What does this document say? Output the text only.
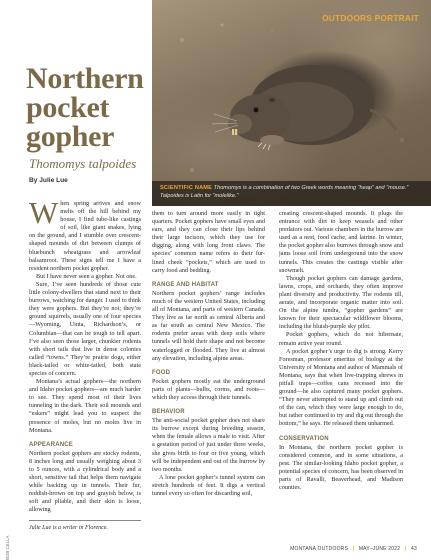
OUTDOORS PORTRAIT
SCIENTIFIC NAME Thomomys is a combination of two Greek words meaning “heap” and “mouse.” Talpoides is Latin for “molelike.”
Northern pocket gopher
Thomomys talpoides
By Julie Lue

When spring arrives and snow melts off the hill behind my house, I find tube-like castings of soil, like giant snakes, lying on the ground, and I stumble over crescent-shaped mounds of dirt between clumps of bluebunch wheatgrass and arrowleaf balsamroot. These signs tell me I have a resident northern pocket gopher.

But I have never seen a gopher. Not one.

Sure, I’ve seen hundreds of those cute little colony-dwellers that stand next to their burrows, watching for danger. I used to think they were gophers. But they’re not; they’re ground squirrels, usually one of four species—Wyoming, Uinta, Richardson’s, or Columbian—that can be tough to tell apart. I’ve also seen those larger, chunkier rodents with short tails that live in dense colonies called “towns.” They’re prairie dogs, either black-tailed or white-tailed, both state species of concern.

Montana’s actual gophers—the northern and Idaho pocket gophers—are much harder to see. They spend most of their lives tunneling in the dark. Their soil mounds and “eskers” might lead you to suspect the presence of moles, but no moles live in Montana.

APPEARANCE

Northern pocket gophers are stocky rodents, 8 inches long and usually weighing about 3 to 5 ounces, with a cylindrical body and a short, sensitive tail that helps them navigate while backing up in tunnels. Their fur, reddish-brown on top and grayish below, is soft and pliable, and their skin is loose, allowing

Julie Lue is a writer in Florence.

them to turn around more easily in tight quarters. Pocket gophers have small eyes and ears, and they can close their lips behind their large incisors, which they use for digging, along with long front claws. The species’ common name refers to their fur-lined cheek “pockets,” which are used to carry food and bedding.

RANGE AND HABITAT

Northern pocket gophers’ range includes much of the western United States, including all of Montana, and parts of western Canada. They live as far north as central Alberta and as far south as central New Mexico. The rodents prefer areas with deep soils where tunnels will hold their shape and not become waterlogged or flooded. They live at almost any elevation, including alpine areas.

FOOD

Pocket gophers mostly eat the underground parts of plants—bulbs, corms, and roots—which they access through their tunnels.

BEHAVIOR

The anti-social pocket gopher does not share its burrow except during breeding season, when the female allows a male to visit. After a gestation period of just under three weeks, she gives birth to four or five young, which will be independent and out of the burrow by two months.

A lone pocket gopher’s tunnel system can stretch hundreds of feet. It digs a vertical tunnel every so often for discarding soil,

creating crescent-shaped mounds. It plugs the entrance with dirt to keep weasels and other predators out. Various chambers in the burrow are used as a nest, food cache, and latrine. In winter, the pocket gopher also burrows through snow and jams loose soil from underground into the snow tunnels. This creates the castings visible after snowmelt.

Though pocket gophers can damage gardens, lawns, crops, and orchards, they often improve plant diversity and productivity. The rodents till, aerate, and incorporate organic matter into soil. On the alpine tundra, “gopher gardens” are known for their spectacular wildflower blooms, including the bluish-purple sky pilot.

Pocket gophers, which do not hibernate, remain active year round.

A pocket gopher’s urge to dig is strong. Kerry Foresman, professor emeritus of biology at the University of Montana and author of Mammals of Montana, says that when live-trapping shrews in pitfall traps—coffee cans recessed into the ground—he also captured many pocket gophers. “They never attempted to stand up and climb out of the can, which they were large enough to do, but rather continued to try and dig out through the bottom,” he says. He released them unharmed.

CONSERVATION

In Montana, the northern pocket gopher is considered common, and in some situations, a pest. The similar-looking Idaho pocket gopher, a potential species of concern, has been observed in parts of Ravalli, Beaverhead, and Madison counties.

BOB CELLA	MONTANA OUTDOORS | MAY–JUNE 2022 | 43
